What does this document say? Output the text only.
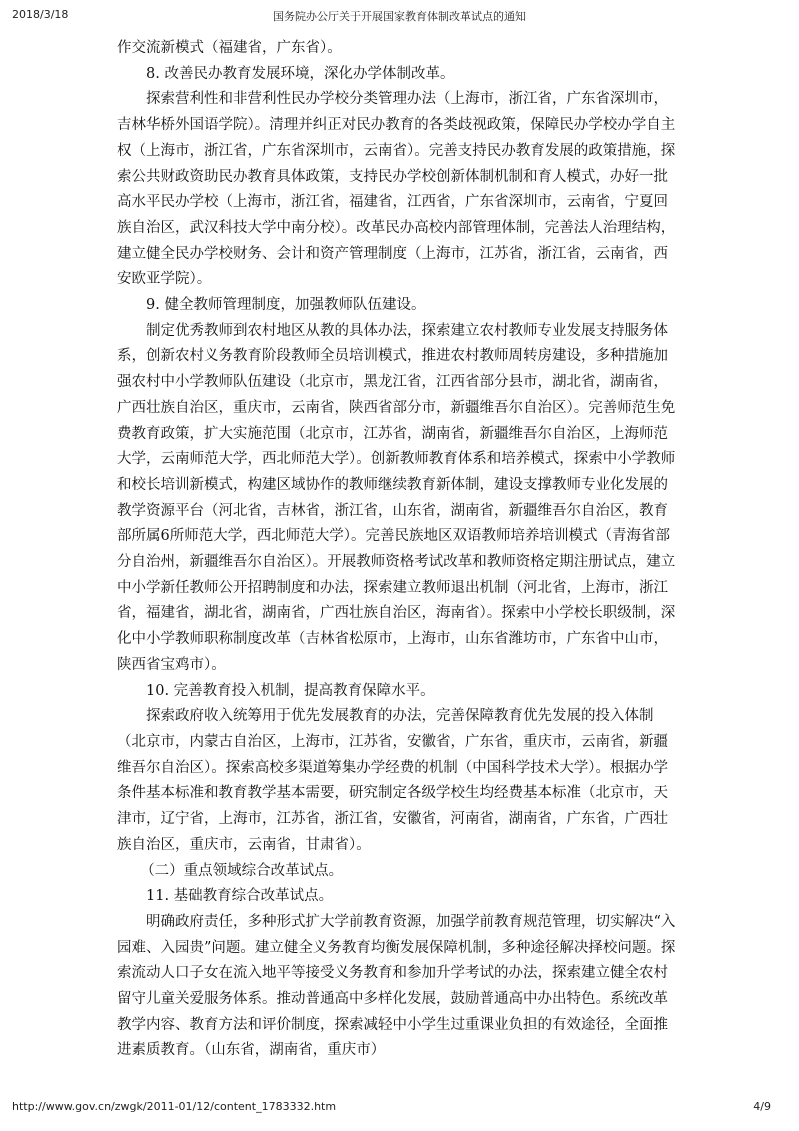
2018/3/18	国务院办公厅关于开展国家教育体制改革试点的通知

作交流新模式（福建省，广东省）。

8. 改善民办教育发展环境，深化办学体制改革。

探索营利性和非营利性民办学校分类管理办法（上海市，浙江省，广东省深圳市，吉林华桥外国语学院）。清理并纠正对民办教育的各类歧视政策，保障民办学校办学自主权（上海市，浙江省，广东省深圳市，云南省）。完善支持民办教育发展的政策措施，探索公共财政资助民办教育具体政策，支持民办学校创新体制机制和育人模式，办好一批高水平民办学校（上海市，浙江省，福建省，江西省，广东省深圳市，云南省，宁夏回族自治区，武汉科技大学中南分校）。改革民办高校内部管理体制，完善法人治理结构，建立健全民办学校财务、会计和资产管理制度（上海市，江苏省，浙江省，云南省，西安欧亚学院）。

9. 健全教师管理制度，加强教师队伍建设。

制定优秀教师到农村地区从教的具体办法，探索建立农村教师专业发展支持服务体系，创新农村义务教育阶段教师全员培训模式，推进农村教师周转房建设，多种措施加强农村中小学教师队伍建设（北京市，黑龙江省，江西省部分县市，湖北省，湖南省，广西壮族自治区，重庆市，云南省，陕西省部分市，新疆维吾尔自治区）。完善师范生免费教育政策，扩大实施范围（北京市，江苏省，湖南省，新疆维吾尔自治区，上海师范大学，云南师范大学，西北师范大学）。创新教师教育体系和培养模式，探索中小学教师和校长培训新模式，构建区域协作的教师继续教育新体制，建设支撑教师专业化发展的教学资源平台（河北省，吉林省，浙江省，山东省，湖南省，新疆维吾尔自治区，教育部所属6所师范大学，西北师范大学）。完善民族地区双语教师培养培训模式（青海省部分自治州，新疆维吾尔自治区）。开展教师资格考试改革和教师资格定期注册试点，建立中小学新任教师公开招聘制度和办法，探索建立教师退出机制（河北省，上海市，浙江省，福建省，湖北省，湖南省，广西壮族自治区，海南省）。探索中小学校长职级制，深化中小学教师职称制度改革（吉林省松原市，上海市，山东省潍坊市，广东省中山市，陕西省宝鸡市）。

10. 完善教育投入机制，提高教育保障水平。

探索政府收入统筹用于优先发展教育的办法，完善保障教育优先发展的投入体制（北京市，内蒙古自治区，上海市，江苏省，安徽省，广东省，重庆市，云南省，新疆维吾尔自治区）。探索高校多渠道筹集办学经费的机制（中国科学技术大学）。根据办学条件基本标准和教育教学基本需要，研究制定各级学校生均经费基本标准（北京市，天津市，辽宁省，上海市，江苏省，浙江省，安徽省，河南省，湖南省，广东省，广西壮族自治区，重庆市，云南省，甘肃省）。

（二）重点领域综合改革试点。

11. 基础教育综合改革试点。

明确政府责任，多种形式扩大学前教育资源，加强学前教育规范管理，切实解决“入园难、入园贵”问题。建立健全义务教育均衡发展保障机制，多种途径解决择校问题。探索流动人口子女在流入地平等接受义务教育和参加升学考试的办法，探索建立健全农村留守儿童关爱服务体系。推动普通高中多样化发展，鼓励普通高中办出特色。系统改革教学内容、教育方法和评价制度，探索减轻中小学生过重课业负担的有效途径，全面推进素质教育。（山东省，湖南省，重庆市）

http://www.gov.cn/zwgk/2011-01/12/content_1783332.htm	4/9
